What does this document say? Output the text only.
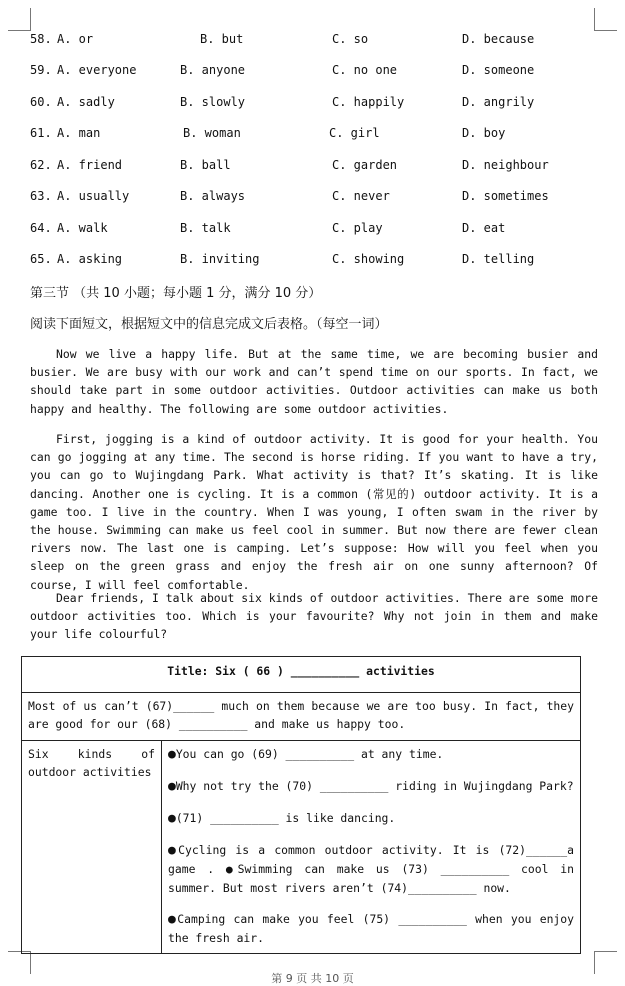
58. A. or	B. but	C. so	D. because
59. A. everyone	B. anyone	C. no one	D. someone
60. A. sadly	B. slowly	C. happily	D. angrily
61. A. man	B. woman	C. girl	D. boy
62. A. friend	B. ball	C. garden	D. neighbour
63. A. usually	B. always	C. never	D. sometimes
64. A. walk	B. talk	C. play	D. eat
65. A. asking	B. inviting	C. showing	D. telling
第三节 （共 10 小题；每小题 1 分，满分 10 分）
阅读下面短文，根据短文中的信息完成文后表格。（每空一词）

Now we live a happy life. But at the same time, we are becoming busier and busier. We are busy with our work and can’t spend time on our sports. In fact, we should take part in some outdoor activities. Outdoor activities can make us both happy and healthy. The following are some outdoor activities.

First, jogging is a kind of outdoor activity. It is good for your health. You can go jogging at any time. The second is horse riding. If you want to have a try, you can go to Wujingdang Park. What activity is that? It’s skating. It is like dancing. Another one is cycling. It is a common (常见的) outdoor activity. It is a game too. I live in the country. When I was young, I often swam in the river by the house. Swimming can make us feel cool in summer. But now there are fewer clean rivers now. The last one is camping. Let’s suppose: How will you feel when you sleep on the green grass and enjoy the fresh air on one sunny afternoon? Of course, I will feel comfortable.

Dear friends, I talk about six kinds of outdoor activities. There are some more outdoor activities too. Which is your favourite? Why not join in them and make your life colourful?

Title: Six ( 66 ) __________ activities
Most of us can’t (67)______ much on them because we are too busy. In fact, they are good for our (68) __________ and make us happy too.
Six kinds of outdoor activities	
●You can go (69) __________ at any time.
●Why not try the (70) __________ riding in Wujingdang Park?
●(71) __________ is like dancing.
●Cycling is a common outdoor activity. It is (72)______a game . ●Swimming can make us (73) __________ cool in summer. But most rivers aren’t (74)__________ now.
●Camping can make you feel (75) __________ when you enjoy the fresh air.
第 9 页 共 10 页
